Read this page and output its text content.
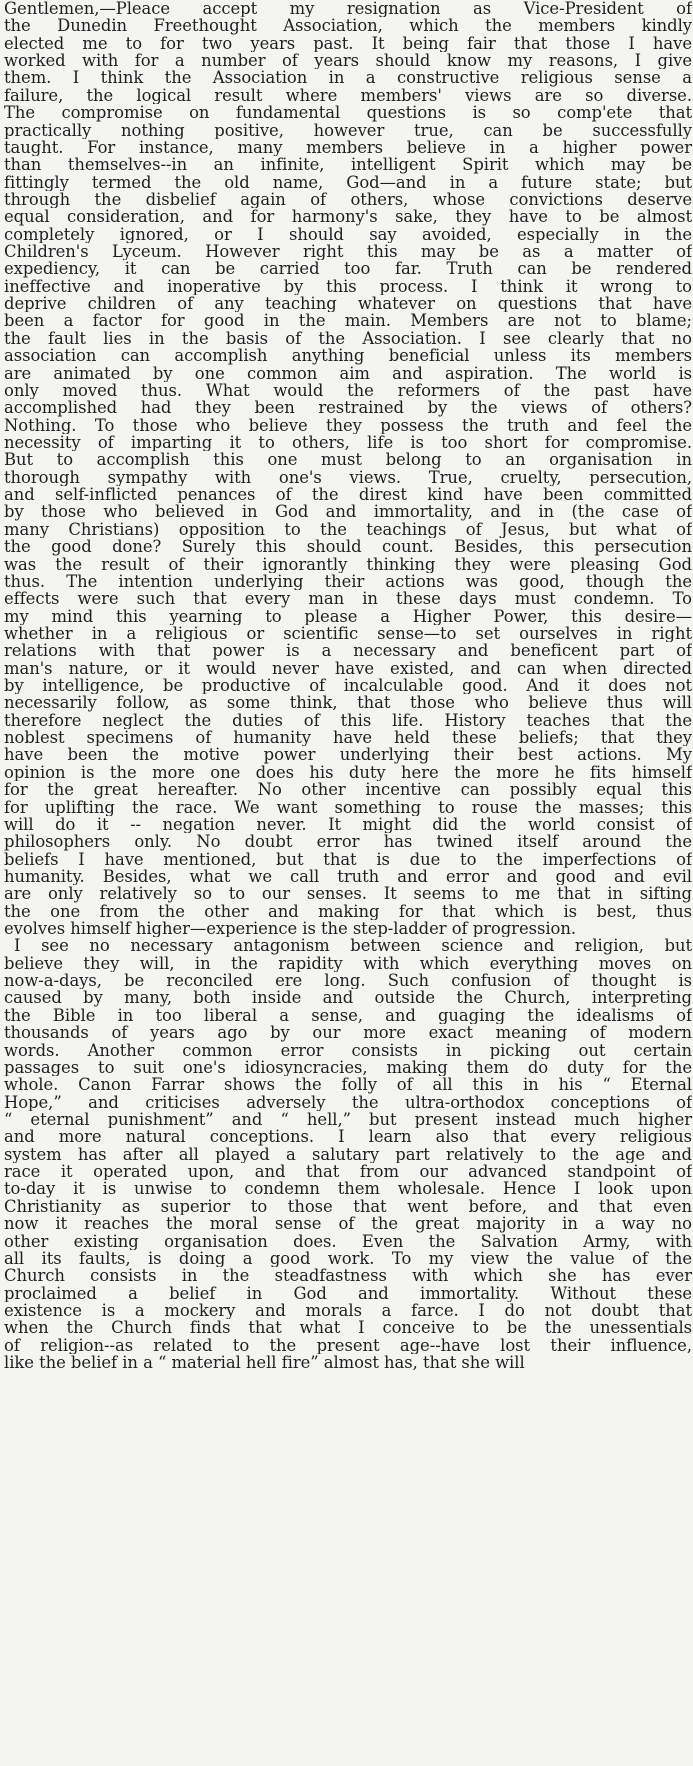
Gentlemen,—Pleace accept my resignation as Vice-President of
the Dunedin Freethought Association, which the members kindly
elected me to for two years past. It being fair that those I have
worked with for a number of years should know my reasons, I give
them. I think the Association in a constructive religious sense a
failure, the logical result where members' views are so diverse.
The compromise on fundamental questions is so comp'ete that
practically nothing positive, however true, can be successfully
taught. For instance, many members believe in a higher power
than themselves--in an infinite, intelligent Spirit which may be
fittingly termed the old name, God—and in a future state; but
through the disbelief again of others, whose convictions deserve
equal consideration, and for harmony's sake, they have to be almost
completely ignored, or I should say avoided, especially in the
Children's Lyceum. However right this may be as a matter of
expediency, it can be carried too far. Truth can be rendered
ineffective and inoperative by this process. I think it wrong to
deprive children of any teaching whatever on questions that have
been a factor for good in the main. Members are not to blame;
the fault lies in the basis of the Association. I see clearly that no
association can accomplish anything beneficial unless its members
are animated by one common aim and aspiration. The world is
only moved thus. What would the reformers of the past have
accomplished had they been restrained by the views of others?
Nothing. To those who believe they possess the truth and feel the
necessity of imparting it to others, life is too short for compromise.
But to accomplish this one must belong to an organisation in
thorough sympathy with one's views. True, cruelty, persecution,
and self-inflicted penances of the direst kind have been committed
by those who believed in God and immortality, and in (the case of
many Christians) opposition to the teachings of Jesus, but what of
the good done? Surely this should count. Besides, this persecution
was the result of their ignorantly thinking they were pleasing God
thus. The intention underlying their actions was good, though the
effects were such that every man in these days must condemn. To
my mind this yearning to please a Higher Power, this desire—
whether in a religious or scientific sense—to set ourselves in right
relations with that power is a necessary and beneficent part of
man's nature, or it would never have existed, and can when directed
by intelligence, be productive of incalculable good. And it does not
necessarily follow, as some think, that those who believe thus will
therefore neglect the duties of this life. History teaches that the
noblest specimens of humanity have held these beliefs; that they
have been the motive power underlying their best actions. My
opinion is the more one does his duty here the more he fits himself
for the great hereafter. No other incentive can possibly equal this
for uplifting the race. We want something to rouse the masses; this
will do it -- negation never. It might did the world consist of
philosophers only. No doubt error has twined itself around the
beliefs I have mentioned, but that is due to the imperfections of
humanity. Besides, what we call truth and error and good and evil
are only relatively so to our senses. It seems to me that in sifting
the one from the other and making for that which is best, thus
evolves himself higher—experience is the step-ladder of progression.
I see no necessary antagonism between science and religion, but
believe they will, in the rapidity with which everything moves on
now-a-days, be reconciled ere long. Such confusion of thought is
caused by many, both inside and outside the Church, interpreting
the Bible in too liberal a sense, and guaging the idealisms of
thousands of years ago by our more exact meaning of modern
words. Another common error consists in picking out certain
passages to suit one's idiosyncracies, making them do duty for the
whole. Canon Farrar shows the folly of all this in his “ Eternal
Hope,” and criticises adversely the ultra-orthodox conceptions of
“ eternal punishment” and “ hell,” but present instead much higher
and more natural conceptions. I learn also that every religious
system has after all played a salutary part relatively to the age and
race it operated upon, and that from our advanced standpoint of
to-day it is unwise to condemn them wholesale. Hence I look upon
Christianity as superior to those that went before, and that even
now it reaches the moral sense of the great majority in a way no
other existing organisation does. Even the Salvation Army, with
all its faults, is doing a good work. To my view the value of the
Church consists in the steadfastness with which she has ever
proclaimed a belief in God and immortality. Without these
existence is a mockery and morals a farce. I do not doubt that
when the Church finds that what I conceive to be the unessentials
of religion--as related to the present age--have lost their influence,
like the belief in a “ material hell fire” almost has, that she will
